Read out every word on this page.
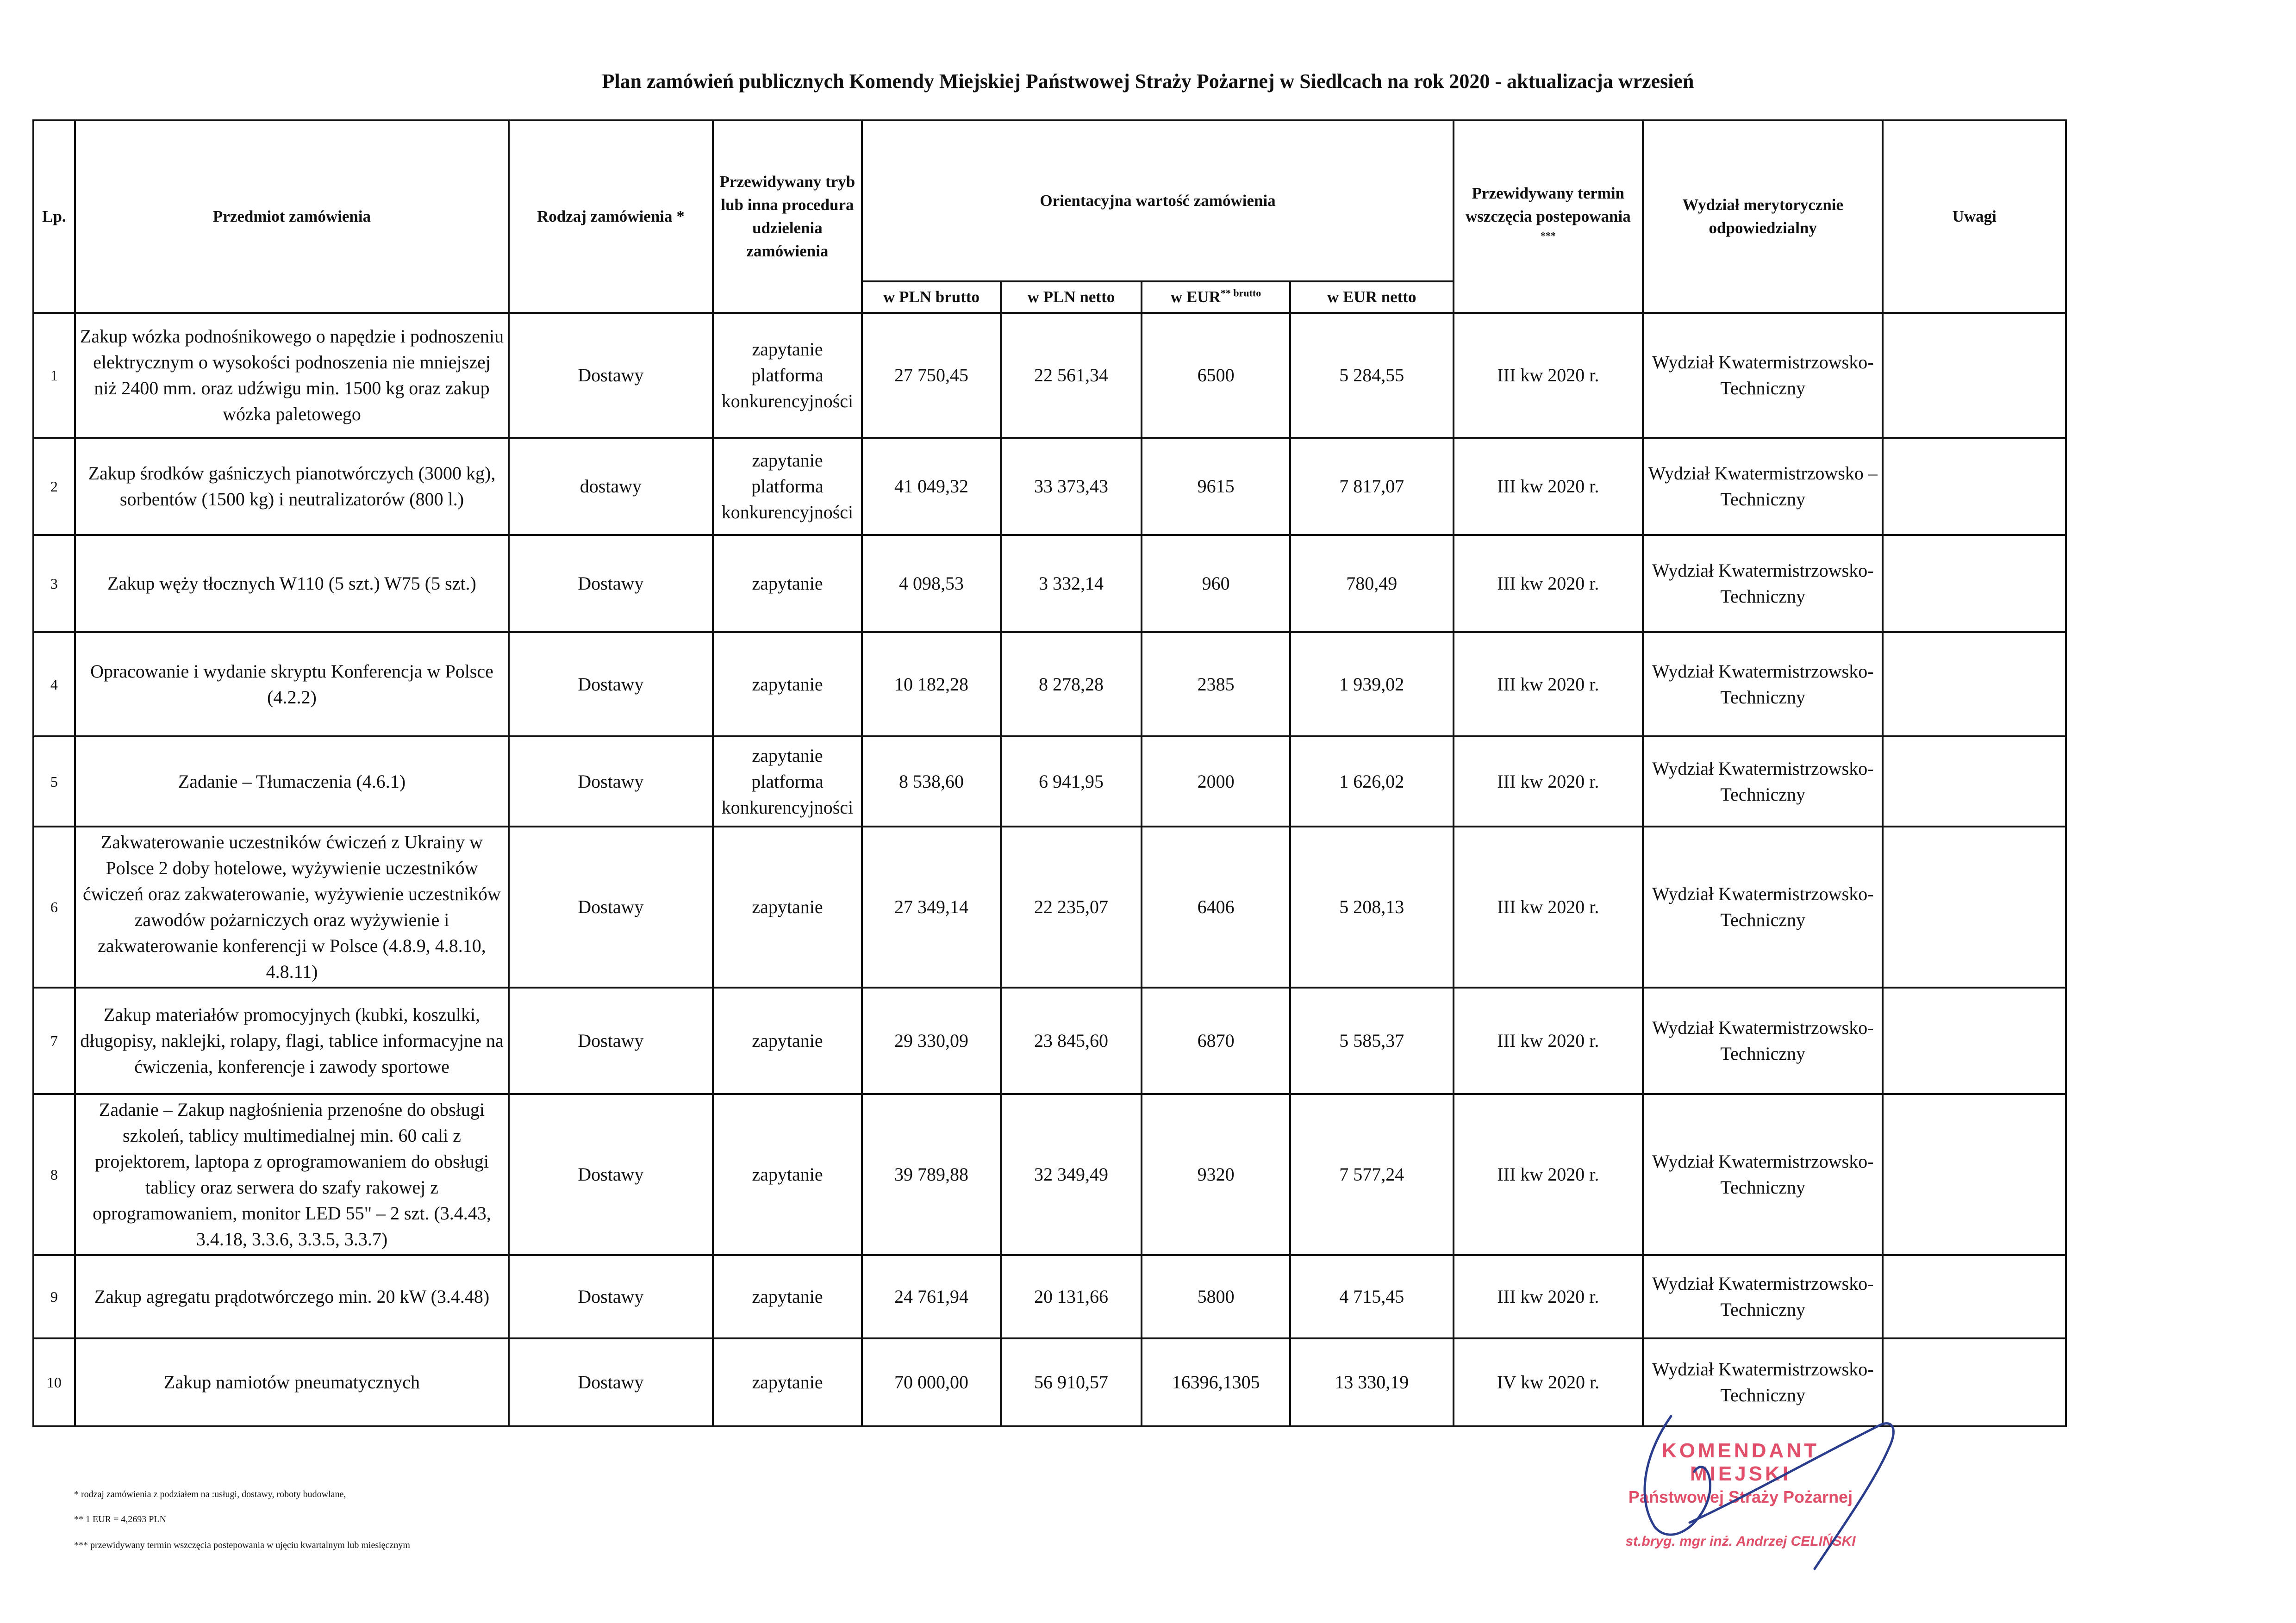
Plan zamówień publicznych Komendy Miejskiej Państwowej Straży Pożarnej w Siedlcach na rok 2020 - aktualizacja wrzesień
Lp.	Przedmiot zamówienia	Rodzaj zamówienia *	Przewidywany tryb lub inna procedura udzielenia zamówienia	Orientacyjna wartość zamówienia				Przewidywany termin wszczęcia postepowania ***	Wydział merytorycznie odpowiedzialny	Uwagi
				w PLN brutto	w PLN netto	w $EUR^{** brutto}$	w EUR netto			
1	Zakup wózka podnośnikowego o napędzie i podnoszeniu elektrycznym o wysokości podnoszenia nie mniejszej niż 2400 mm. oraz udźwigu min. 1500 kg oraz zakup wózka paletowego	Dostawy	zapytanie platforma konkurencyjności	27 750,45	22 561,34	6500	5 284,55	III kw 2020 r.	Wydział Kwatermistrzowsko-Techniczny	
2	Zakup środków gaśniczych pianotwórczych (3000 kg), sorbentów (1500 kg) i neutralizatorów (800 l.)	dostawy	zapytanie platforma konkurencyjności	41 049,32	33 373,43	9615	7 817,07	III kw 2020 r.	Wydział Kwatermistrzowsko – Techniczny	
3	Zakup węży tłocznych W110 (5 szt.) W75 (5 szt.)	Dostawy	zapytanie	4 098,53	3 332,14	960	780,49	III kw 2020 r.	Wydział Kwatermistrzowsko-Techniczny	
4	Opracowanie i wydanie skryptu Konferencja w Polsce (4.2.2)	Dostawy	zapytanie	10 182,28	8 278,28	2385	1 939,02	III kw 2020 r.	Wydział Kwatermistrzowsko-Techniczny	
5	Zadanie – Tłumaczenia (4.6.1)	Dostawy	zapytanie platforma konkurencyjności	8 538,60	6 941,95	2000	1 626,02	III kw 2020 r.	Wydział Kwatermistrzowsko-Techniczny	
6	Zakwaterowanie uczestników ćwiczeń z Ukrainy w Polsce 2 doby hotelowe, wyżywienie uczestników ćwiczeń oraz zakwaterowanie, wyżywienie uczestników zawodów pożarniczych oraz wyżywienie i zakwaterowanie konferencji w Polsce (4.8.9, 4.8.10, 4.8.11)	Dostawy	zapytanie	27 349,14	22 235,07	6406	5 208,13	III kw 2020 r.	Wydział Kwatermistrzowsko-Techniczny	
7	Zakup materiałów promocyjnych (kubki, koszulki, długopisy, naklejki, rolapy, flagi, tablice informacyjne na ćwiczenia, konferencje i zawody sportowe	Dostawy	zapytanie	29 330,09	23 845,60	6870	5 585,37	III kw 2020 r.	Wydział Kwatermistrzowsko-Techniczny	
8	Zadanie – Zakup nagłośnienia przenośne do obsługi szkoleń, tablicy multimedialnej min. 60 cali z projektorem, laptopa z oprogramowaniem do obsługi tablicy oraz serwera do szafy rakowej z oprogramowaniem, monitor LED 55" – 2 szt. (3.4.43, 3.4.18, 3.3.6, 3.3.5, 3.3.7)	Dostawy	zapytanie	39 789,88	32 349,49	9320	7 577,24	III kw 2020 r.	Wydział Kwatermistrzowsko-Techniczny	
9	Zakup agregatu prądotwórczego min. 20 kW (3.4.48)	Dostawy	zapytanie	24 761,94	20 131,66	5800	4 715,45	III kw 2020 r.	Wydział Kwatermistrzowsko-Techniczny	
10	Zakup namiotów pneumatycznych	Dostawy	zapytanie	70 000,00	56 910,57	16396,1305	13 330,19	IV kw 2020 r.	Wydział Kwatermistrzowsko-Techniczny	
* rodzaj zamówienia z podziałem na :usługi, dostawy, roboty budowlane,
** 1 EUR = 4,2693 PLN
*** przewidywany termin wszczęcia postepowania w ujęciu kwartalnym lub miesięcznym
KOMENDANT MIEJSKI
Państwowej Straży Pożarnej
st.bryg. mgr inż. Andrzej CELIŃSKI
